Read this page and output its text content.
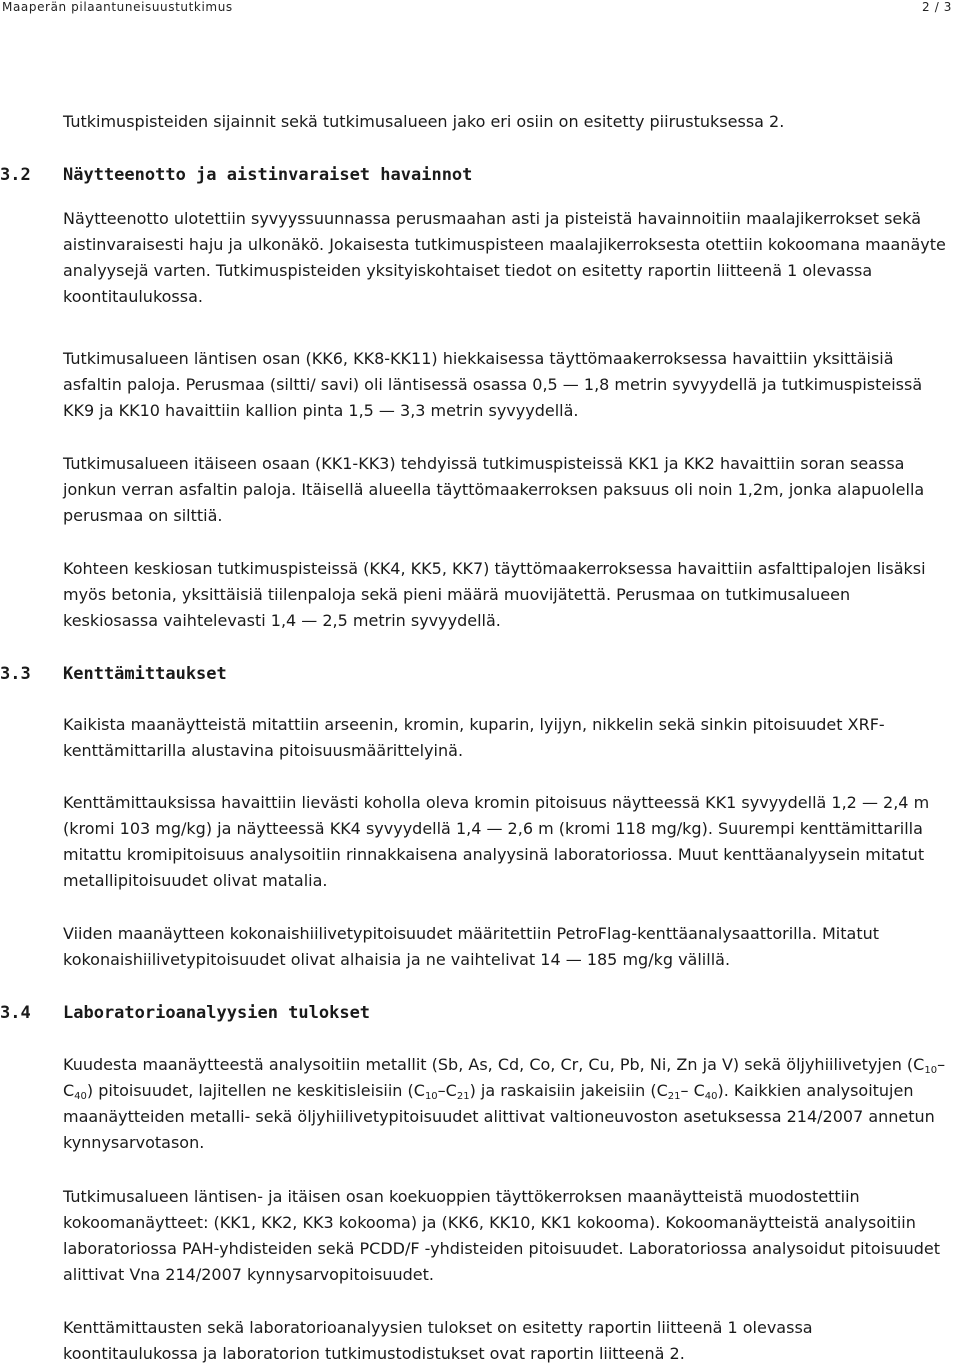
Maaperän pilaantuneisuustutkimus	2 / 3
Tutkimuspisteiden sijainnit sekä tutkimusalueen jako eri osiin on esitetty piirustuksessa 2.
3.2 Näytteenotto ja aistinvaraiset havainnot
Näytteenotto ulotettiin syvyyssuunnassa perusmaahan asti ja pisteistä havainnoitiin maalajikerrokset sekä aistinvaraisesti haju ja ulkonäkö. Jokaisesta tutkimuspisteen maalajikerroksesta otettiin kokoomana maanäyte analyysejä varten. Tutkimuspisteiden yksityiskohtaiset tiedot on esitetty raportin liitteenä 1 olevassa koontitaulukossa.
Tutkimusalueen läntisen osan (KK6, KK8-KK11) hiekkaisessa täyttömaakerroksessa havaittiin yksittäisiä asfaltin paloja. Perusmaa (siltti/ savi) oli läntisessä osassa 0,5 — 1,8 metrin syvyydellä ja tutkimuspisteissä KK9 ja KK10 havaittiin kallion pinta 1,5 — 3,3 metrin syvyydellä.
Tutkimusalueen itäiseen osaan (KK1-KK3) tehdyissä tutkimuspisteissä KK1 ja KK2 havaittiin soran seassa jonkun verran asfaltin paloja. Itäisellä alueella täyttömaakerroksen paksuus oli noin 1,2m, jonka alapuolella perusmaa on silttiä.
Kohteen keskiosan tutkimuspisteissä (KK4, KK5, KK7) täyttömaakerroksessa havaittiin asfalttipalojen lisäksi myös betonia, yksittäisiä tiilenpaloja sekä pieni määrä muovijätettä. Perusmaa on tutkimusalueen keskiosassa vaihtelevasti 1,4 — 2,5 metrin syvyydellä.
3.3 Kenttämittaukset
Kaikista maanäytteistä mitattiin arseenin, kromin, kuparin, lyijyn, nikkelin sekä sinkin pitoisuudet XRF-kenttämittarilla alustavina pitoisuusmäärittelyinä.
Kenttämittauksissa havaittiin lievästi koholla oleva kromin pitoisuus näytteessä KK1 syvyydellä 1,2 — 2,4 m (kromi 103 mg/kg) ja näytteessä KK4 syvyydellä 1,4 — 2,6 m (kromi 118 mg/kg). Suurempi kenttämittarilla mitattu kromipitoisuus analysoitiin rinnakkaisena analyysinä laboratoriossa. Muut kenttäanalyysein mitatut metallipitoisuudet olivat matalia.
Viiden maanäytteen kokonaishiilivetypitoisuudet määritettiin PetroFlag-kenttäanalysaattorilla. Mitatut kokonaishiilivetypitoisuudet olivat alhaisia ja ne vaihtelivat 14 — 185 mg/kg välillä.
3.4 Laboratorioanalyysien tulokset
Kuudesta maanäytteestä analysoitiin metallit (Sb, As, Cd, Co, Cr, Cu, Pb, Ni, Zn ja V) sekä öljyhiilivetyjen $(C_{10}-C_{40})$ pitoisuudet, lajitellen ne keskitisleisiin $(C_{10}-C_{21})$ ja raskaisiin jakeisiin ($C_{21}-$ $C_{40}$). Kaikkien analysoitujen maanäytteiden metalli- sekä öljyhiilivetypitoisuudet alittivat valtioneuvoston asetuksessa 214/2007 annetun kynnysarvotason.
Tutkimusalueen läntisen- ja itäisen osan koekuoppien täyttökerroksen maanäytteistä muodostettiin kokoomanäytteet: (KK1, KK2, KK3 kokooma) ja (KK6, KK10, KK1 kokooma). Kokoomanäytteistä analysoitiin laboratoriossa PAH-yhdisteiden sekä PCDD/F -yhdisteiden pitoisuudet. Laboratoriossa analysoidut pitoisuudet alittivat Vna 214/2007 kynnysarvopitoisuudet.
Kenttämittausten sekä laboratorioanalyysien tulokset on esitetty raportin liitteenä 1 olevassa koontitaulukossa ja laboratorion tutkimustodistukset ovat raportin liitteenä 2.
